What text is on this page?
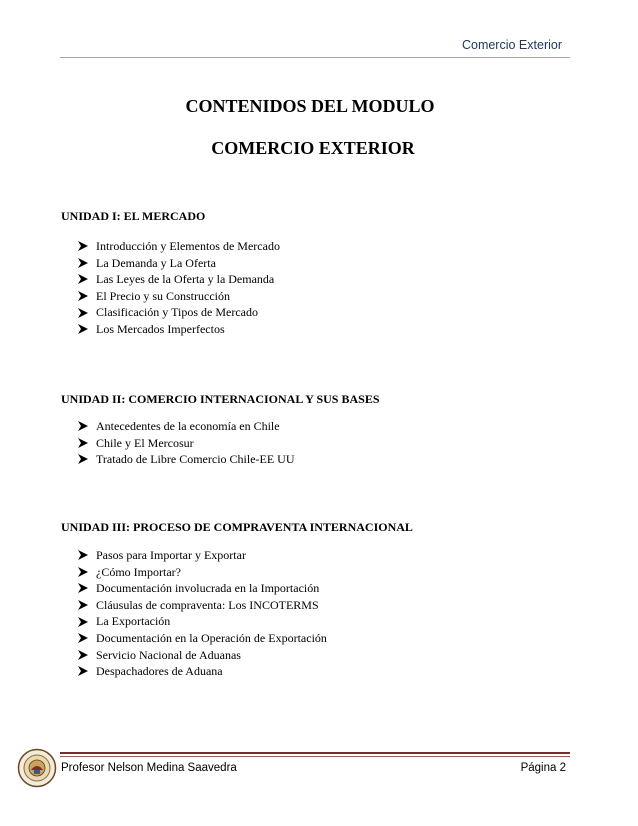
Comercio Exterior
CONTENIDOS DEL MODULO
COMERCIO EXTERIOR
UNIDAD I: EL MERCADO
Introducción y Elementos de Mercado
La Demanda y La Oferta
Las Leyes de la Oferta y la Demanda
El Precio y su Construcción
Clasificación y Tipos de Mercado
Los Mercados Imperfectos
UNIDAD II: COMERCIO INTERNACIONAL Y SUS BASES
Antecedentes de la economía en Chile
Chile y El Mercosur
Tratado de Libre Comercio Chile-EE UU
UNIDAD III: PROCESO DE COMPRAVENTA INTERNACIONAL
Pasos para Importar y Exportar
¿Cómo Importar?
Documentación involucrada en la Importación
Cláusulas de compraventa: Los INCOTERMS
La Exportación
Documentación en la Operación de Exportación
Servicio Nacional de Aduanas
Despachadores de Aduana
Profesor Nelson Medina Saavedra	Página 2
